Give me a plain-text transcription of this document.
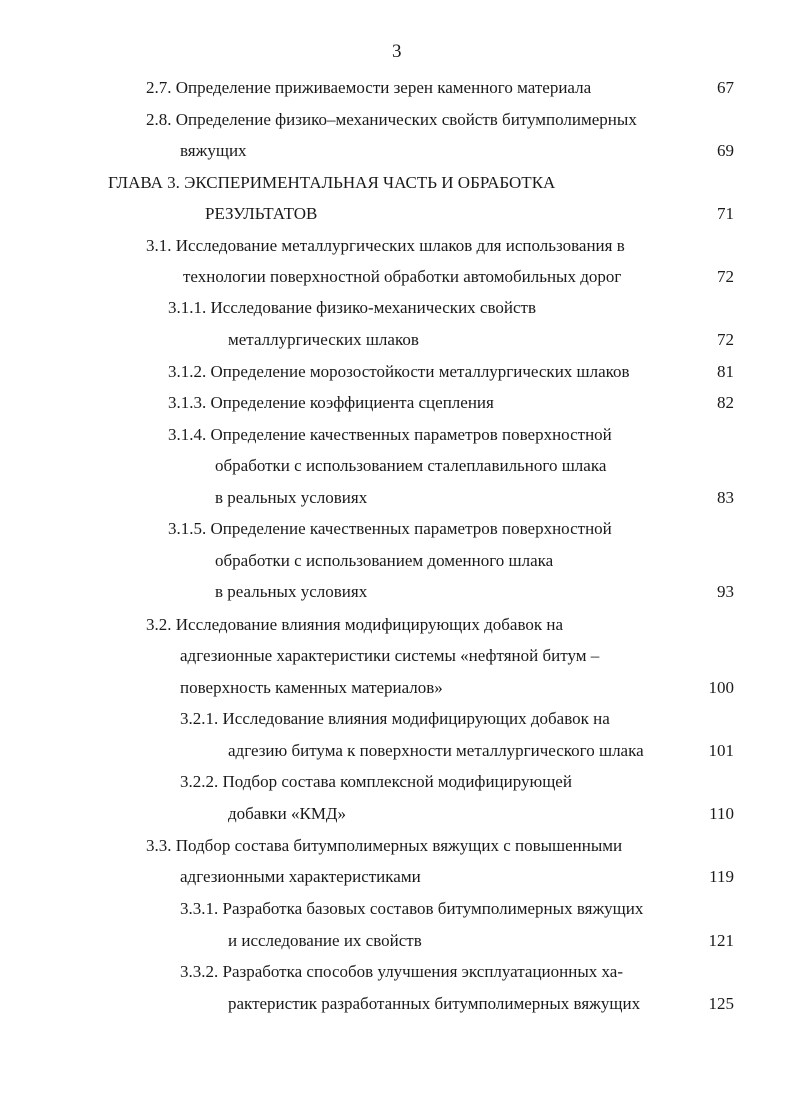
3
2.7. Определение приживаемости зерен каменного материала	67
2.8. Определение физико–механических свойств битумполимерных
вяжущих	69
ГЛАВА 3. ЭКСПЕРИМЕНТАЛЬНАЯ ЧАСТЬ И ОБРАБОТКА
РЕЗУЛЬТАТОВ	71
3.1. Исследование металлургических шлаков для использования в
технологии поверхностной обработки автомобильных дорог	72
3.1.1. Исследование физико-механических свойств
металлургических шлаков	72
3.1.2. Определение морозостойкости металлургических шлаков	81
3.1.3. Определение коэффициента сцепления	82
3.1.4. Определение качественных параметров поверхностной
обработки с использованием сталеплавильного шлака
в реальных условиях	83
3.1.5. Определение качественных параметров поверхностной
обработки с использованием доменного шлака
в реальных условиях	93
3.2. Исследование влияния модифицирующих добавок на
адгезионные характеристики системы «нефтяной битум –
поверхность каменных материалов»	100
3.2.1. Исследование влияния модифицирующих добавок на
адгезию битума к поверхности металлургического шлака	101
3.2.2. Подбор состава комплексной модифицирующей
добавки «КМД»	110
3.3. Подбор состава битумполимерных вяжущих с повышенными
адгезионными характеристиками	119
3.3.1. Разработка базовых составов битумполимерных вяжущих
и исследование их свойств	121
3.3.2. Разработка способов улучшения эксплуатационных ха-
рактеристик разработанных битумполимерных вяжущих	125
